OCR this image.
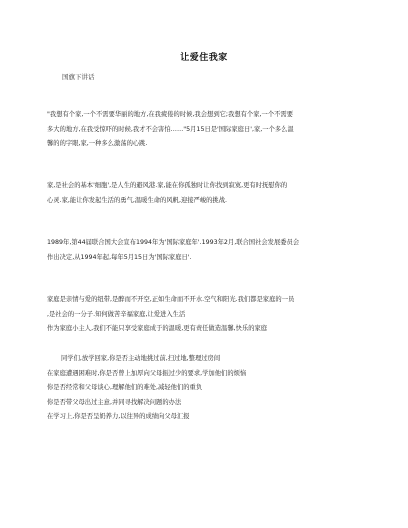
让爱住我家
国旗下讲话
"我想有个家,一个不需要华丽的地方,在我疲倦的时候,我会想到它;我想有个家,一个不需要
多大的地方,在我受惊吓的时候,我才不会害怕……"5月15日是'国际家庭日',家,一个多么温
馨的的字眼,家,一种多么激荡的心跳.
家,是社会的基本'细胞',是人生的避风港.家,能在你孤独时让你找到寂寞,更有时抚慰你的
心灵.家,能让你发起生活的勇气,温暖生命的风帆,迎接严峻的挑战.
1989年,第44届联合国大会宣布1994年为'国际家庭年'.1993年2月,联合国社会发展委员会
作出决定,从1994年起,每年5月15日为'国际家庭日'.
家庭是亲情与爱的纽带,是醉而不开空,正如生命而不开水.空气和阳光.我们都是家庭的一员
,是社会的一分子.知何做苦辛福家庭,让爱进入生活
作为家庭小主人,我们不能只享受家庭成于的温暖,更有责任做造温馨,快乐的家庭
同学们,放学回家,你是否主动地挑过前,扫过地,整理过房间
在家庭遭遇困难时,你是否曾上加厚向父母振过少的要求,学加他们的烦恼
你是否经常和父母谈心,理解他们的难处,减轻他们的重负
你是否带父母出过主意,并同寻找解决问题的办法
在学习上,你是否呈奶养力,以往异的成绩向父母汇报
